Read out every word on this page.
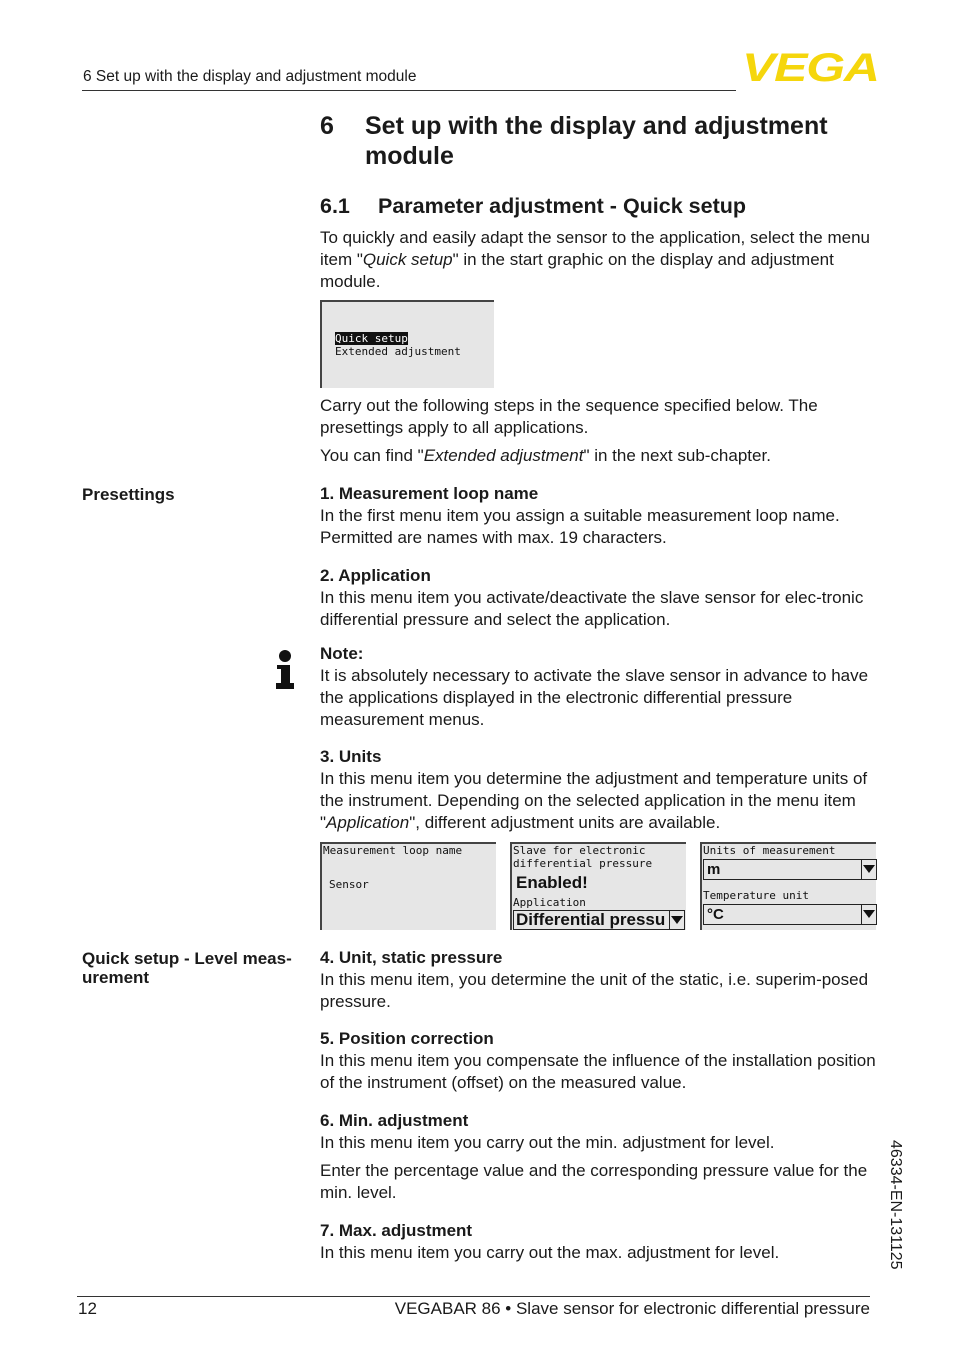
6 Set up with the display and adjustment module	VEGA
6 Set up with the display and adjustment module
6.1 Parameter adjustment - Quick setup
To quickly and easily adapt the sensor to the application, select the menu item "Quick setup" in the start graphic on the display and adjustment module.
Quick setup
Extended adjustment
Carry out the following steps in the sequence specified below. The presettings apply to all applications.
You can find "Extended adjustment" in the next sub-chapter.
Presettings	1. Measurement loop name
In the first menu item you assign a suitable measurement loop name. Permitted are names with max. 19 characters.
2. Application
In this menu item you activate/deactivate the slave sensor for elec-tronic differential pressure and select the application.
Note:
It is absolutely necessary to activate the slave sensor in advance to have the applications displayed in the electronic differential pressure measurement menus.
3. Units
In this menu item you determine the adjustment and temperature units of the instrument. Depending on the selected application in the menu item "Application", different adjustment units are available.
Measurement loop name
Sensor
Slave for electronic
differential pressure
Enabled!
Application
Differential pressu
Units of measurement
m
Temperature unit
°C
Quick setup - Level meas-urement
4. Unit, static pressure
In this menu item, you determine the unit of the static, i.e. superim-posed pressure.
5. Position correction
In this menu item you compensate the influence of the installation position of the instrument (offset) on the measured value.
6. Min. adjustment
In this menu item you carry out the min. adjustment for level.
Enter the percentage value and the corresponding pressure value for the min. level.
7. Max. adjustment
In this menu item you carry out the max. adjustment for level.	46334-EN-131125
12	VEGABAR 86 • Slave sensor for electronic differential pressure
